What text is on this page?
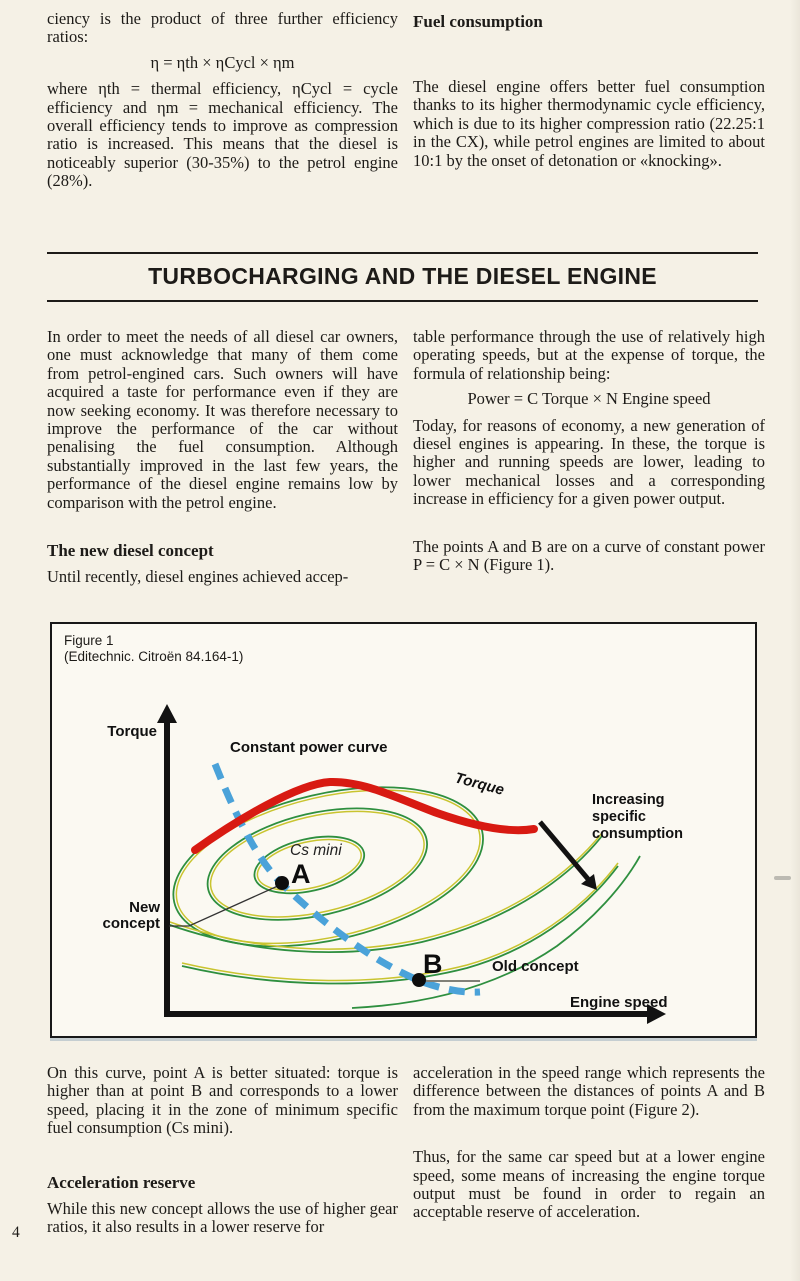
ciency is the product of three further efficiency ratios:

η = ηth × ηCycl × ηm

where ηth = thermal efficiency, ηCycl = cycle efficiency and ηm = mechanical efficiency. The overall efficiency tends to improve as compression ratio is increased. This means that the diesel is noticeably superior (30-35%) to the petrol engine (28%).

Fuel consumption

The diesel engine offers better fuel consumption thanks to its higher thermodynamic cycle efficiency, which is due to its higher compression ratio (22.25:1 in the CX), while petrol engines are limited to about 10:1 by the onset of detonation or «knocking».

TURBOCHARGING AND THE DIESEL ENGINE

In order to meet the needs of all diesel car owners, one must acknowledge that many of them come from petrol-engined cars. Such owners will have acquired a taste for performance even if they are now seeking economy. It was therefore necessary to improve the performance of the car without penalising the fuel consumption. Although substantially improved in the last few years, the performance of the diesel engine remains low by comparison with the petrol engine.

The new diesel concept

Until recently, diesel engines achieved accep-

table performance through the use of relatively high operating speeds, but at the expense of torque, the formula of relationship being:

Power = C Torque × N Engine speed

Today, for reasons of economy, a new generation of diesel engines is appearing. In these, the torque is higher and running speeds are lower, leading to lower mechanical losses and a corresponding increase in efficiency for a given power output.

The points A and B are on a curve of constant power P = C × N (Figure 1).

Figure 1
(Editechnic. Citroën 84.164-1)
Torque
Engine speed
Constant power curve
Torque
Cs mini
New
concept
A
B	Old concept
Increasing
specific
consumption

On this curve, point A is better situated: torque is higher than at point B and corresponds to a lower speed, placing it in the zone of minimum specific fuel consumption (Cs mini).

Acceleration reserve

While this new concept allows the use of higher gear ratios, it also results in a lower reserve for

acceleration in the speed range which represents the difference between the distances of points A and B from the maximum torque point (Figure 2).

Thus, for the same car speed but at a lower engine speed, some means of increasing the engine torque output must be found in order to regain an acceptable reserve of acceleration.

4
